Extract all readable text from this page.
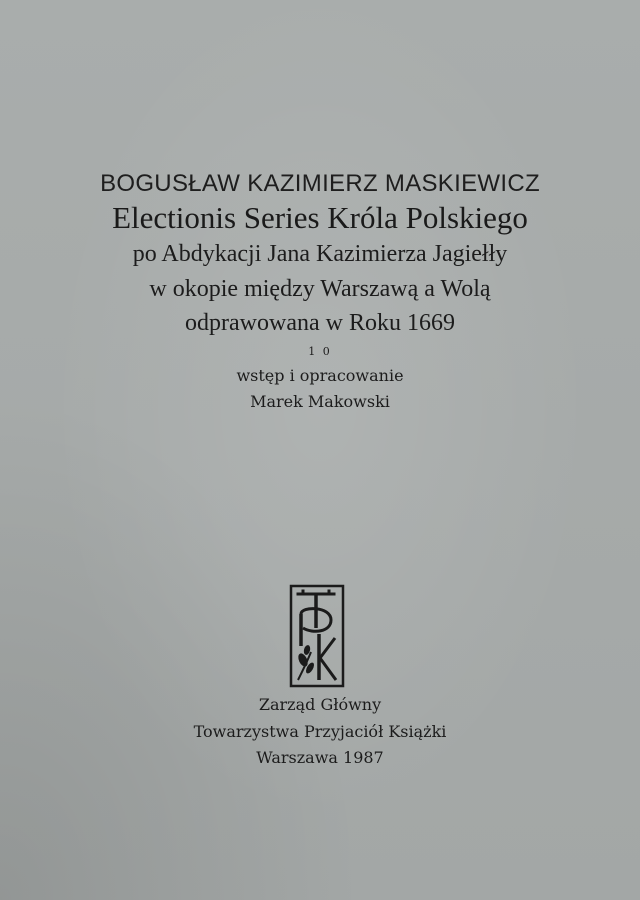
BOGUSŁAW KAZIMIERZ MASKIEWICZ
Electionis Series Króla Polskiego
po Abdykacji Jana Kazimierza Jagiełły
w okopie między Warszawą a Wolą
odprawowana w Roku 1669
1 0
wstęp i opracowanie
Marek Makowski
Zarząd Główny
Towarzystwa Przyjaciół Książki
Warszawa 1987
